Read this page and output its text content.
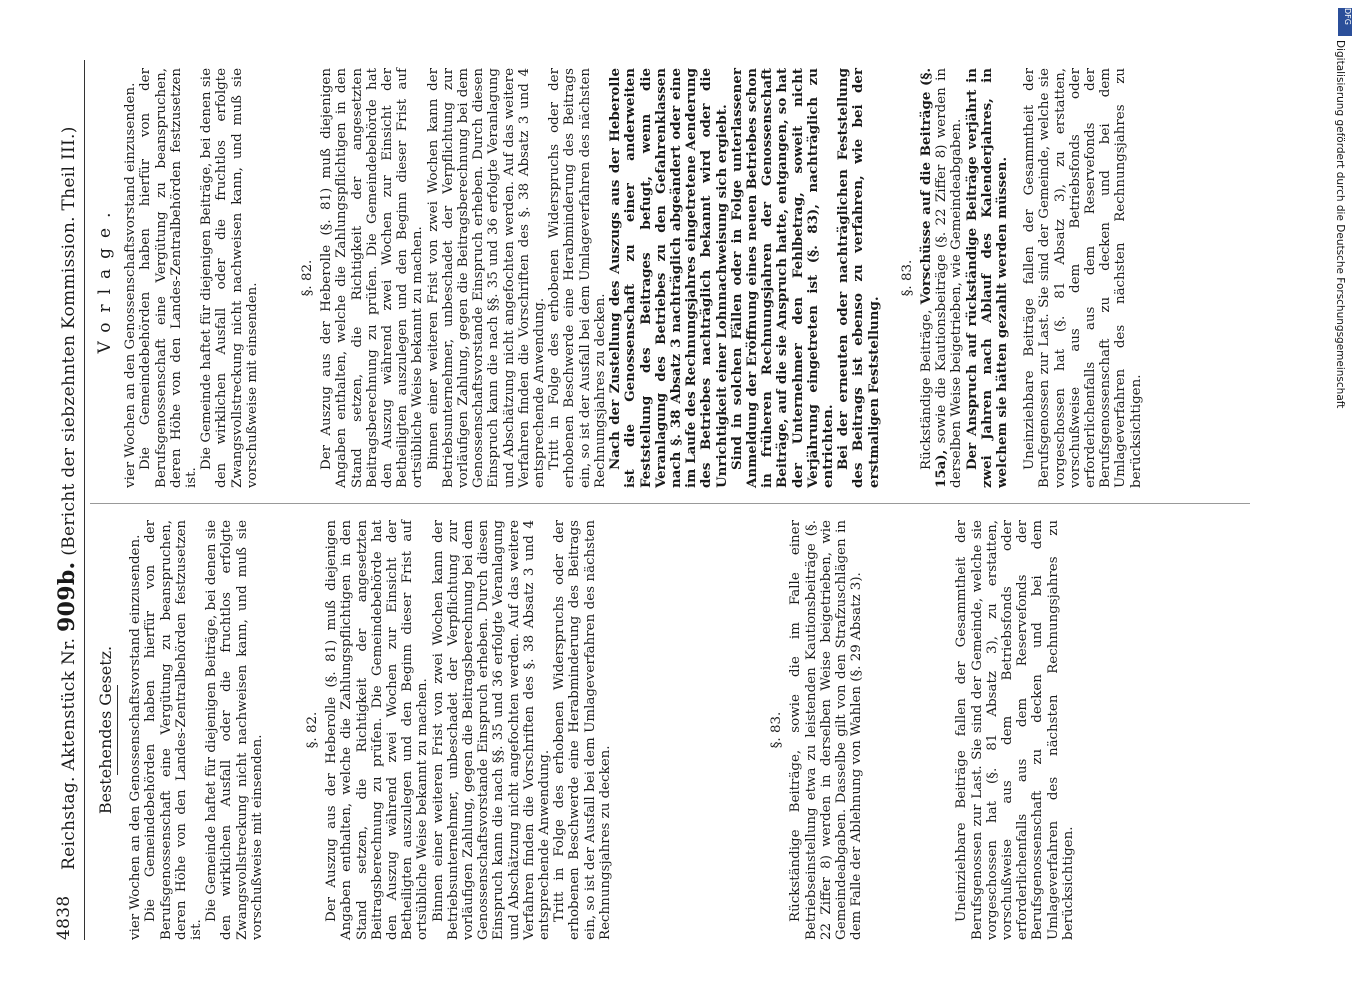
4838
Reichstag. Aktenstück Nr. 909b. (Bericht der siebzehnten Kommission. Theil III.)
Bestehendes Gesetz. vier Wochen an den Genossenschaftsvorstand einzusenden. Die Gemeindebehörden haben hierfür von der Berufsgenossenschaft eine Vergütung zu beanspruchen, deren Höhe von den Landes-Zentralbehörden festzusetzen ist.

Die Gemeinde haftet für diejenigen Beiträge, bei denen sie den wirklichen Ausfall oder die fruchtlos erfolgte Zwangsvollstreckung nicht nachweisen kann, und muß sie vorschußweise mit einsenden.

§. 82. Der Auszug aus der Heberolle (§. 81) muß diejenigen Angaben enthalten, welche die Zahlungspflichtigen in den Stand setzen, die Richtigkeit der angesetzten Beitragsberechnung zu prüfen. Die Gemeindebehörde hat den Auszug während zwei Wochen zur Einsicht der Betheiligten auszulegen und den Beginn dieser Frist auf ortsübliche Weise bekannt zu machen. Binnen einer weiteren Frist von zwei Wochen kann der Betriebsunternehmer, unbeschadet der Verpflichtung zur vorläufigen Zahlung, gegen die Beitragsberechnung bei dem Genossenschaftsvorstande Einspruch erheben. Durch diesen Einspruch kann die nach §§. 35 und 36 erfolgte Veranlagung und Abschätzung nicht angefochten werden. Auf das weitere Verfahren finden die Vorschriften des §. 38 Absatz 3 und 4 entsprechende Anwendung. Tritt in Folge des erhobenen Widerspruchs oder der erhobenen Beschwerde eine Herabminderung des Beitrags ein, so ist der Ausfall bei dem Umlageverfahren des nächsten Rechnungsjahres zu decken.

§. 83. Rückständige Beiträge, sowie die im Falle einer Betriebseinstellung etwa zu leistenden Kautionsbeiträge (§. 22 Ziffer 8) werden in derselben Weise beigetrieben, wie Gemeindeabgaben. Dasselbe gilt von den Strafzuschlägen in dem Falle der Ablehnung von Wahlen (§. 29 Absatz 3).	Uneinziehbare Beiträge fallen der Gesammtheit der Berufsgenossen zur Last. Sie sind der Gemeinde, welche sie vorgeschossen hat (§. 81 Absatz 3), zu erstatten, vorschußweise aus dem Betriebsfonds oder erforderlichenfalls aus dem Reservefonds der Berufsgenossenschaft zu decken und bei dem Umlageverfahren des nächsten Rechnungsjahres zu berücksichtigen.

Vorlage. vier Wochen an den Genossenschaftsvorstand einzusenden. Die Gemeindebehörden haben hierfür von der Berufsgenossenschaft eine Vergütung zu beanspruchen, deren Höhe von den Landes-Zentralbehörden festzusetzen ist.

Die Gemeinde haftet für diejenigen Beiträge, bei denen sie den wirklichen Ausfall oder die fruchtlos erfolgte Zwangsvollstreckung nicht nachweisen kann, und muß sie vorschußweise mit einsenden.

§. 82. Der Auszug aus der Heberolle (§. 81) muß diejenigen Angaben enthalten, welche die Zahlungspflichtigen in den Stand setzen, die Richtigkeit der angesetzten Beitragsberechnung zu prüfen. Die Gemeindebehörde hat den Auszug während zwei Wochen zur Einsicht der Betheiligten auszulegen und den Beginn dieser Frist auf ortsübliche Weise bekannt zu machen. Binnen einer weiteren Frist von zwei Wochen kann der Betriebsunternehmer, unbeschadet der Verpflichtung zur vorläufigen Zahlung, gegen die Beitragsberechnung bei dem Genossenschaftsvorstande Einspruch erheben. Durch diesen Einspruch kann die nach §§. 35 und 36 erfolgte Veranlagung und Abschätzung nicht angefochten werden. Auf das weitere Verfahren finden die Vorschriften des §. 38 Absatz 3 und 4 entsprechende Anwendung. Tritt in Folge des erhobenen Widerspruchs oder der erhobenen Beschwerde eine Herabminderung des Beitrags ein, so ist der Ausfall bei dem Umlageverfahren des nächsten Rechnungsjahres zu decken. Nach der Zustellung des Auszugs aus der Heberolle ist die Genossenschaft zu einer anderweiten Feststellung des Beitrages befugt, wenn die Veranlagung des Betriebes zu den Gefahrenklassen nach §. 38 Absatz 3 nachträglich abgeändert oder eine im Laufe des Rechnungsjahres eingetretene Aenderung des Betriebes nachträglich bekannt wird oder die Unrichtigkeit einer Lohnnachweisung sich ergiebt. Sind in solchen Fällen oder in Folge unterlassener Anmeldung der Eröffnung eines neuen Betriebes schon in früheren Rechnungsjahren der Genossenschaft Beiträge, auf die sie Anspruch hatte, entgangen, so hat der Unternehmer den Fehlbetrag, soweit nicht Verjährung eingetreten ist (§. 83), nachträglich zu entrichten. Bei der erneuten oder nachträglichen Feststellung des Beitrags ist ebenso zu verfahren, wie bei der erstmaligen Feststellung.

§. 83.

Rückständige Beiträge, Vorschüsse auf die Beiträge (§. 15a), sowie die Kautionsbeiträge (§. 22 Ziffer 8) werden in derselben Weise beigetrieben, wie Gemeindeabgaben. Der Anspruch auf rückständige Beiträge verjährt in zwei Jahren nach Ablauf des Kalenderjahres, in welchem sie hätten gezahlt werden müssen. Uneinziehbare Beiträge fallen der Gesammtheit der Berufsgenossen zur Last. Sie sind der Gemeinde, welche sie vorgeschossen hat (§. 81 Absatz 3), zu erstatten, vorschußweise aus dem Betriebsfonds oder erforderlichenfalls aus dem Reservefonds der Berufsgenossenschaft zu decken und bei dem Umlageverfahren des nächsten Rechnungsjahres zu berücksichtigen.

DFG
Digitalisierung gefördert durch die Deutsche Forschungsgemeinschaft
